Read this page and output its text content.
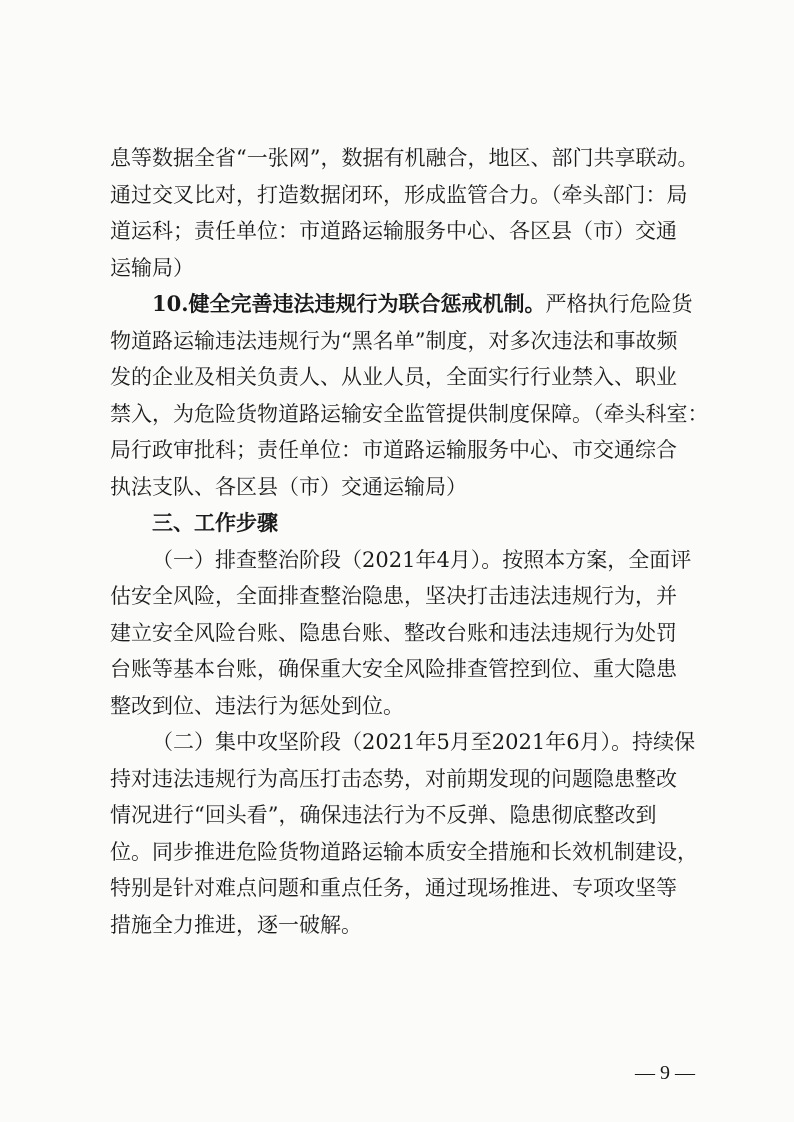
息等数据全省“一张网”，数据有机融合，地区、部门共享联动。
通过交叉比对，打造数据闭环，形成监管合力。（牵头部门：局
道运科；责任单位：市道路运输服务中心、各区县（市）交通
运输局）
10.健全完善违法违规行为联合惩戒机制。严格执行危险货
物道路运输违法违规行为“黑名单”制度，对多次违法和事故频
发的企业及相关负责人、从业人员，全面实行行业禁入、职业
禁入，为危险货物道路运输安全监管提供制度保障。（牵头科室：
局行政审批科；责任单位：市道路运输服务中心、市交通综合
执法支队、各区县（市）交通运输局）
三、工作步骤
（一）排查整治阶段（2021年4月）。按照本方案，全面评
估安全风险，全面排查整治隐患，坚决打击违法违规行为，并
建立安全风险台账、隐患台账、整改台账和违法违规行为处罚
台账等基本台账，确保重大安全风险排查管控到位、重大隐患
整改到位、违法行为惩处到位。
（二）集中攻坚阶段（2021年5月至2021年6月）。持续保
持对违法违规行为高压打击态势，对前期发现的问题隐患整改
情况进行“回头看”，确保违法行为不反弹、隐患彻底整改到
位。同步推进危险货物道路运输本质安全措施和长效机制建设，
特别是针对难点问题和重点任务，通过现场推进、专项攻坚等
措施全力推进，逐一破解。
— 9 —
